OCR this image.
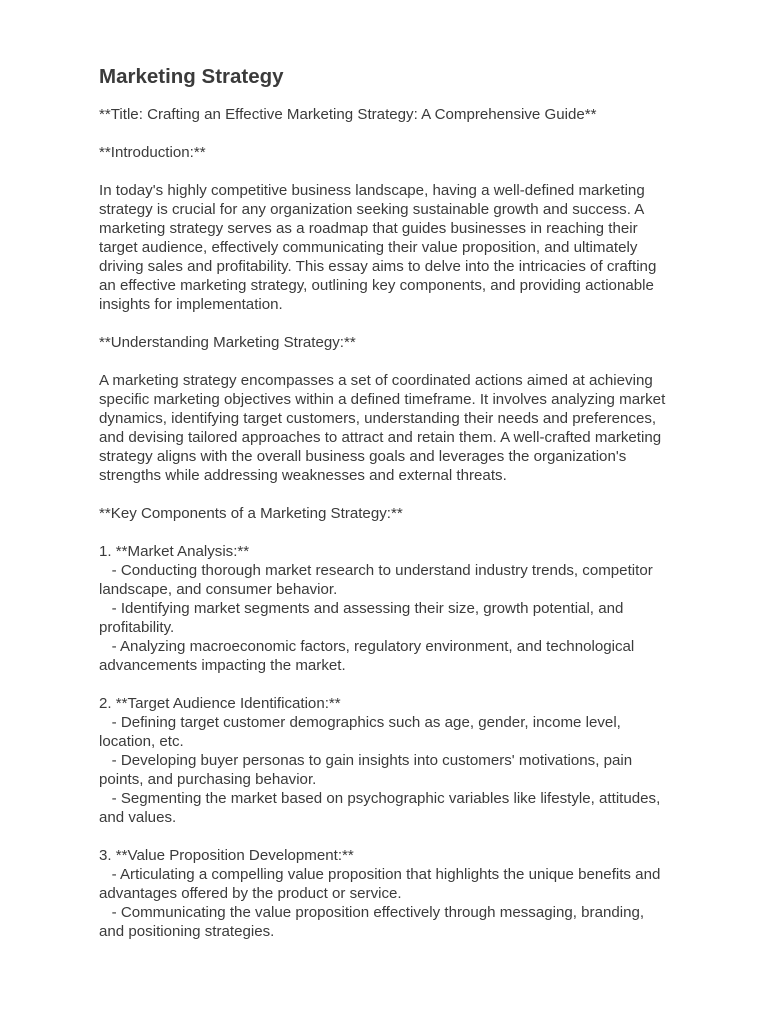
Marketing Strategy

**Title: Crafting an Effective Marketing Strategy: A Comprehensive Guide**

**Introduction:**

In today's highly competitive business landscape, having a well-defined marketing strategy is crucial for any organization seeking sustainable growth and success. A marketing strategy serves as a roadmap that guides businesses in reaching their target audience, effectively communicating their value proposition, and ultimately driving sales and profitability. This essay aims to delve into the intricacies of crafting an effective marketing strategy, outlining key components, and providing actionable insights for implementation.

**Understanding Marketing Strategy:**

A marketing strategy encompasses a set of coordinated actions aimed at achieving specific marketing objectives within a defined timeframe. It involves analyzing market dynamics, identifying target customers, understanding their needs and preferences, and devising tailored approaches to attract and retain them. A well-crafted marketing strategy aligns with the overall business goals and leverages the organization's strengths while addressing weaknesses and external threats.

**Key Components of a Marketing Strategy:**

1. **Market Analysis:**
- Conducting thorough market research to understand industry trends, competitor landscape, and consumer behavior.
- Identifying market segments and assessing their size, growth potential, and profitability.
- Analyzing macroeconomic factors, regulatory environment, and technological advancements impacting the market.

2. **Target Audience Identification:**
- Defining target customer demographics such as age, gender, income level, location, etc.
- Developing buyer personas to gain insights into customers' motivations, pain points, and purchasing behavior.
- Segmenting the market based on psychographic variables like lifestyle, attitudes, and values.

3. **Value Proposition Development:**
- Articulating a compelling value proposition that highlights the unique benefits and advantages offered by the product or service.
- Communicating the value proposition effectively through messaging, branding, and positioning strategies.
